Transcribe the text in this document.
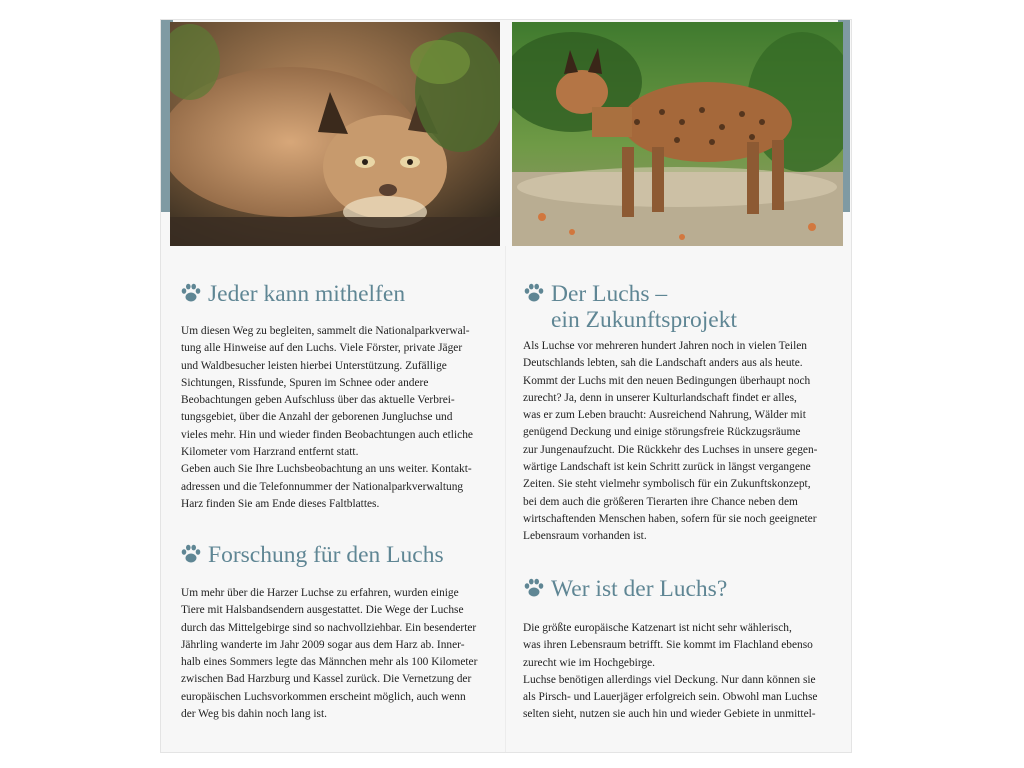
Jeder kann mithelfen

Um diesen Weg zu begleiten, sammelt die Nationalparkverwal-
tung alle Hinweise auf den Luchs. Viele Förster, private Jäger
und Waldbesucher leisten hierbei Unterstützung. Zufällige
Sichtungen, Rissfunde, Spuren im Schnee oder andere
Beobachtungen geben Aufschluss über das aktuelle Verbrei-
tungsgebiet, über die Anzahl der geborenen Jungluchse und
vieles mehr. Hin und wieder finden Beobachtungen auch etliche
Kilometer vom Harzrand entfernt statt.
Geben auch Sie Ihre Luchsbeobachtung an uns weiter. Kontakt-
adressen und die Telefonnummer der Nationalparkverwaltung
Harz finden Sie am Ende dieses Faltblattes.

Forschung für den Luchs

Um mehr über die Harzer Luchse zu erfahren, wurden einige
Tiere mit Halsbandsendern ausgestattet. Die Wege der Luchse
durch das Mittelgebirge sind so nachvollziehbar. Ein besenderter
Jährling wanderte im Jahr 2009 sogar aus dem Harz ab. Inner-
halb eines Sommers legte das Männchen mehr als 100 Kilometer
zwischen Bad Harzburg und Kassel zurück. Die Vernetzung der
europäischen Luchsvorkommen erscheint möglich, auch wenn
der Weg bis dahin noch lang ist.

Der Luchs –
ein Zukunftsprojekt

Als Luchse vor mehreren hundert Jahren noch in vielen Teilen
Deutschlands lebten, sah die Landschaft anders aus als heute.
Kommt der Luchs mit den neuen Bedingungen überhaupt noch
zurecht? Ja, denn in unserer Kulturlandschaft findet er alles,
was er zum Leben braucht: Ausreichend Nahrung, Wälder mit
genügend Deckung und einige störungsfreie Rückzugsräume
zur Jungenaufzucht. Die Rückkehr des Luchses in unsere gegen-
wärtige Landschaft ist kein Schritt zurück in längst vergangene
Zeiten. Sie steht vielmehr symbolisch für ein Zukunftskonzept,
bei dem auch die größeren Tierarten ihre Chance neben dem
wirtschaftenden Menschen haben, sofern für sie noch geeigneter
Lebensraum vorhanden ist.

Wer ist der Luchs?

Die größte europäische Katzenart ist nicht sehr wählerisch,
was ihren Lebensraum betrifft. Sie kommt im Flachland ebenso
zurecht wie im Hochgebirge.
Luchse benötigen allerdings viel Deckung. Nur dann können sie
als Pirsch- und Lauerjäger erfolgreich sein. Obwohl man Luchse
selten sieht, nutzen sie auch hin und wieder Gebiete in unmittel-
